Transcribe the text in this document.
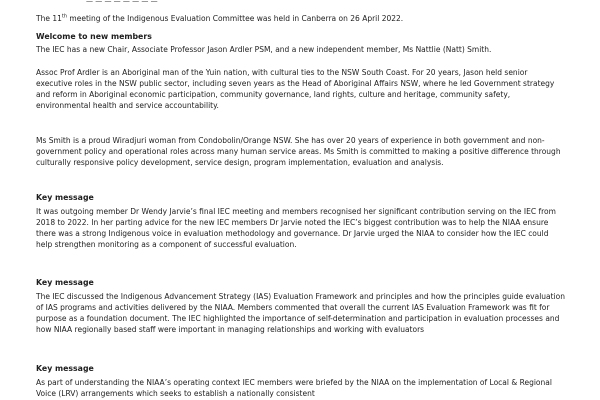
— — — — — — — —

The 11th meeting of the Indigenous Evaluation Committee was held in Canberra on 26 April 2022.

Welcome to new members

The IEC has a new Chair, Associate Professor Jason Ardler PSM, and a new independent member, Ms Nattlie (Natt) Smith.

Assoc Prof Ardler is an Aboriginal man of the Yuin nation, with cultural ties to the NSW South Coast. For 20 years, Jason held senior executive roles in the NSW public sector, including seven years as the Head of Aboriginal Affairs NSW, where he led Government strategy and reform in Aboriginal economic participation, community governance, land rights, culture and heritage, community safety, environmental health and service accountability.

Ms Smith is a proud Wiradjuri woman from Condobolin/Orange NSW. She has over 20 years of experience in both government and non-government policy and operational roles across many human service areas. Ms Smith is committed to making a positive difference through culturally responsive policy development, service design, program implementation, evaluation and analysis.

Key message

It was outgoing member Dr Wendy Jarvie’s final IEC meeting and members recognised her significant contribution serving on the IEC from 2018 to 2022. In her parting advice for the new IEC members Dr Jarvie noted the IEC’s biggest contribution was to help the NIAA ensure there was a strong Indigenous voice in evaluation methodology and governance. Dr Jarvie urged the NIAA to consider how the IEC could help strengthen monitoring as a component of successful evaluation.

Key message

The IEC discussed the Indigenous Advancement Strategy (IAS) Evaluation Framework and principles and how the principles guide evaluation of IAS programs and activities delivered by the NIAA. Members commented that overall the current IAS Evaluation Framework was fit for purpose as a foundation document. The IEC highlighted the importance of self-determination and participation in evaluation processes and how NIAA regionally based staff were important in managing relationships and working with evaluators

Key message

As part of understanding the NIAA’s operating context IEC members were briefed by the NIAA on the implementation of Local & Regional Voice (LRV) arrangements which seeks to establish a nationally consistent
